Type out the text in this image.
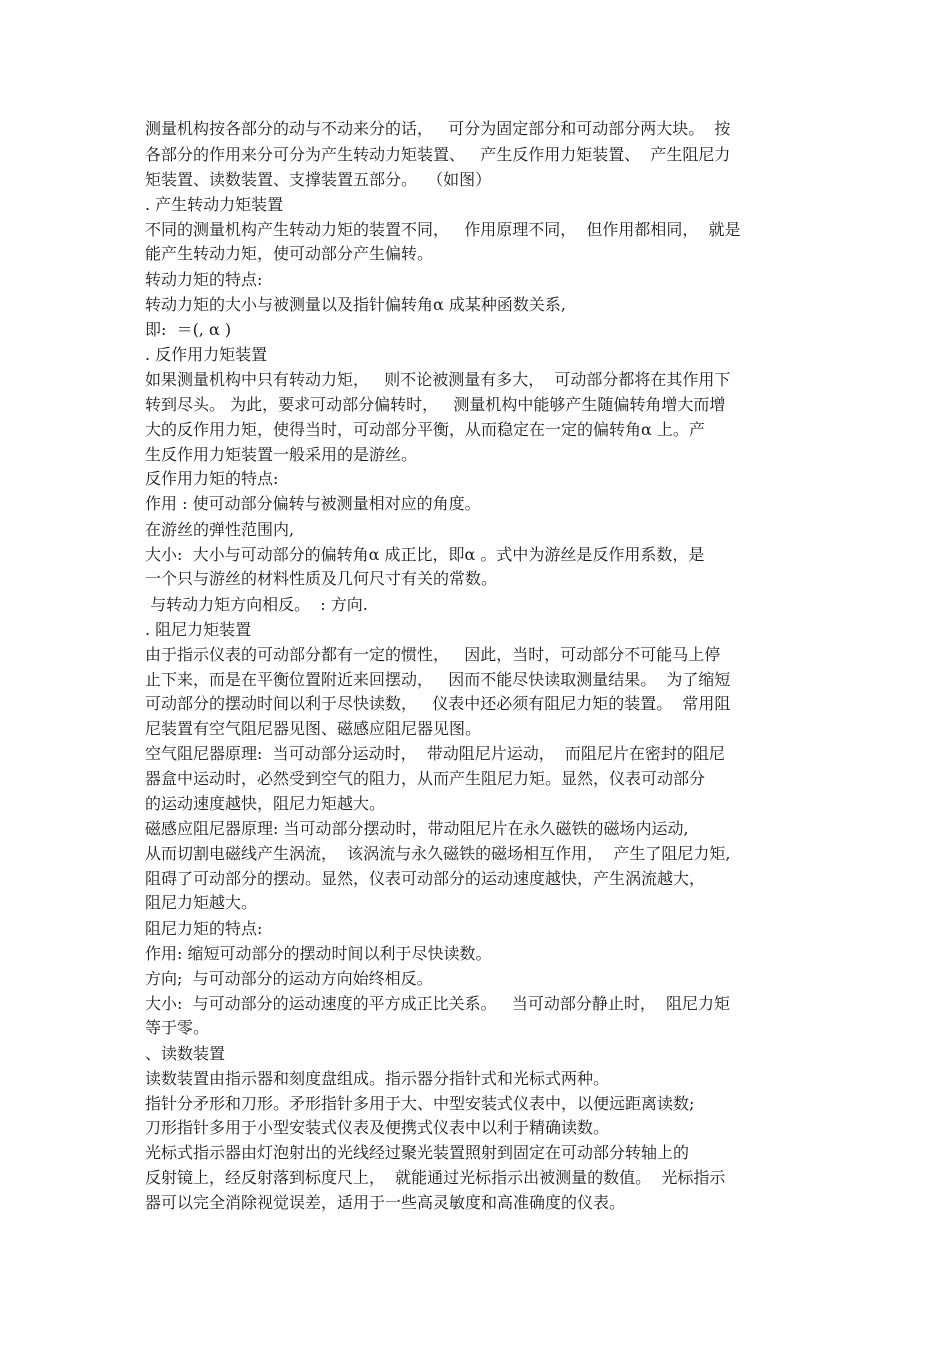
测量机构按各部分的动与不动来分的话，   可分为固定部分和可动部分两大块。  按
各部分的作用来分可分为产生转动力矩装置、   产生反作用力矩装置、  产生阻尼力
矩装置、读数装置、支撑装置五部分。  （如图）
. 产生转动力矩装置
不同的测量机构产生转动力矩的装置不同，   作用原理不同，  但作用都相同，  就是
能产生转动力矩，使可动部分产生偏转。
转动力矩的特点:
转动力矩的大小与被测量以及指针偏转角α 成某种函数关系,
即:  ＝(, α )
. 反作用力矩装置
如果测量机构中只有转动力矩，   则不论被测量有多大，  可动部分都将在其作用下
转到尽头。 为此，要求可动部分偏转时，   测量机构中能够产生随偏转角增大而增
大的反作用力矩，使得当时，可动部分平衡，从而稳定在一定的偏转角α 上。产
生反作用力矩装置一般采用的是游丝。
反作用力矩的特点:
作用 : 使可动部分偏转与被测量相对应的角度。
在游丝的弹性范围内,
大小:  大小与可动部分的偏转角α 成正比，即α 。式中为游丝是反作用系数，是
一个只与游丝的材料性质及几何尺寸有关的常数。
与转动力矩方向相反。  : 方向.
. 阻尼力矩装置
由于指示仪表的可动部分都有一定的惯性，   因此，当时，可动部分不可能马上停
止下来，而是在平衡位置附近来回摆动，   因而不能尽快读取测量结果。  为了缩短
可动部分的摆动时间以利于尽快读数，   仪表中还必须有阻尼力矩的装置。  常用阻
尼装置有空气阻尼器见图、磁感应阻尼器见图。
空气阻尼器原理:  当可动部分运动时，  带动阻尼片运动，  而阻尼片在密封的阻尼
器盒中运动时，必然受到空气的阻力，从而产生阻尼力矩。显然，仪表可动部分
的运动速度越快，阻尼力矩越大。
磁感应阻尼器原理: 当可动部分摆动时，带动阻尼片在永久磁铁的磁场内运动,
从而切割电磁线产生涡流，  该涡流与永久磁铁的磁场相互作用，  产生了阻尼力矩,
阻碍了可动部分的摆动。显然，仪表可动部分的运动速度越快，产生涡流越大，
阻尼力矩越大。
阻尼力矩的特点:
作用: 缩短可动部分的摆动时间以利于尽快读数。
方向;  与可动部分的运动方向始终相反。
大小:  与可动部分的运动速度的平方成正比关系。   当可动部分静止时，  阻尼力矩
等于零。
、读数装置
读数装置由指示器和刻度盘组成。指示器分指针式和光标式两种。
指针分矛形和刀形。矛形指针多用于大、中型安装式仪表中，以便远距离读数;
刀形指针多用于小型安装式仪表及便携式仪表中以利于精确读数。
光标式指示器由灯泡射出的光线经过聚光装置照射到固定在可动部分转轴上的
反射镜上，经反射落到标度尺上，  就能通过光标指示出被测量的数值。  光标指示
器可以完全消除视觉误差，适用于一些高灵敏度和高准确度的仪表。
